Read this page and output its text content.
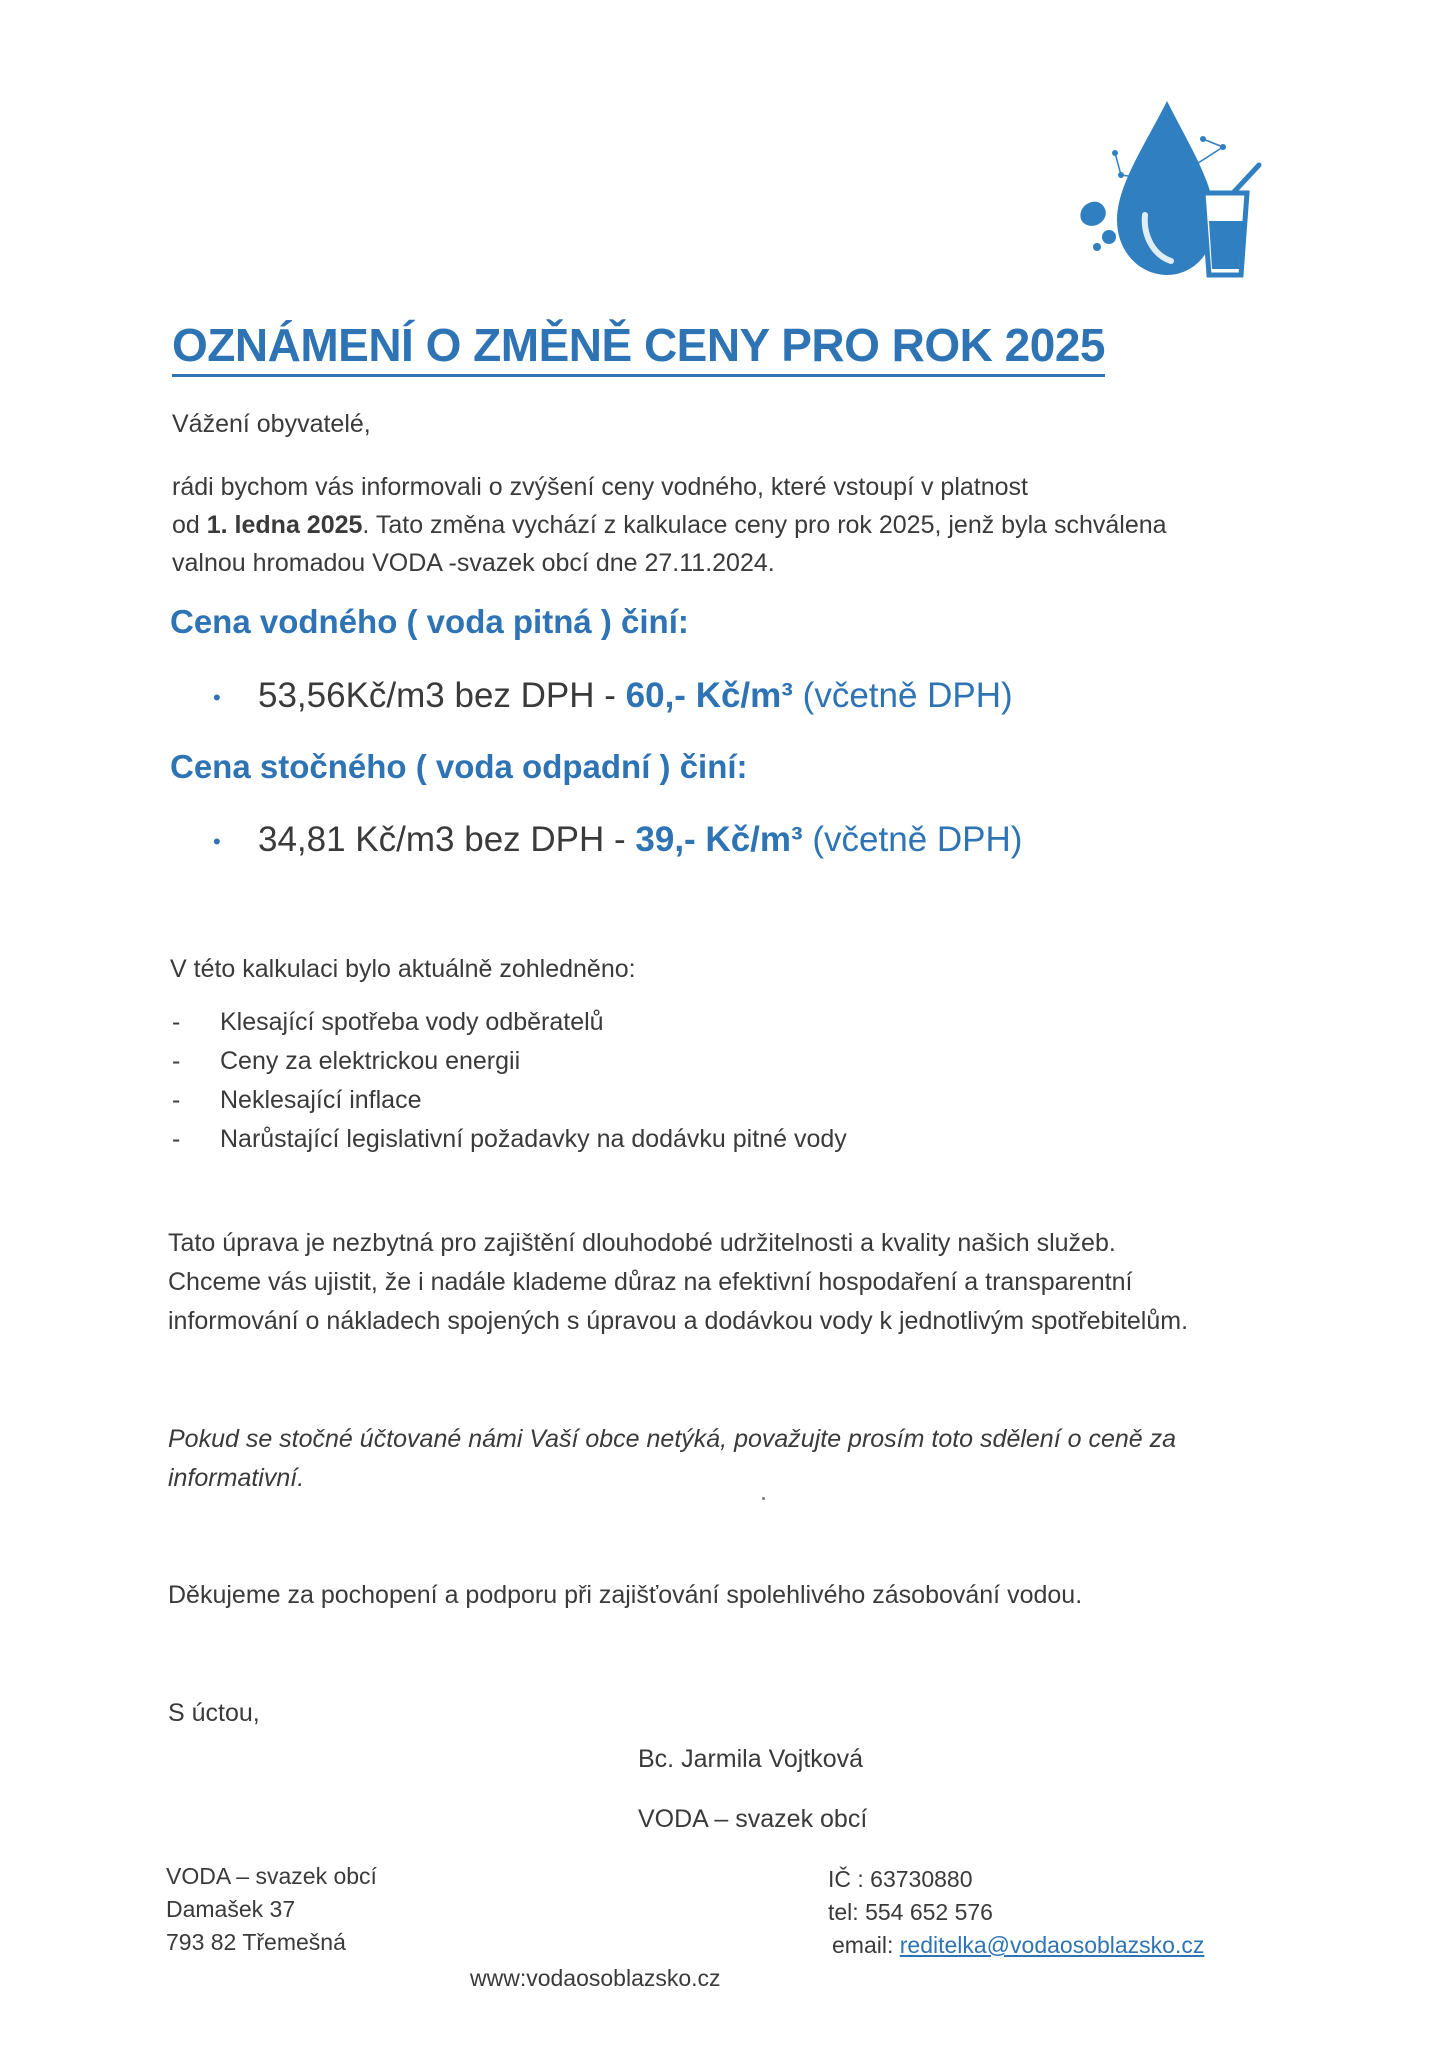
OZNÁMENÍ O ZMĚNĚ CENY PRO ROK 2025
Vážení obyvatelé,
rádi bychom vás informovali o zvýšení ceny vodného, které vstoupí v platnost
od 1. ledna 2025. Tato změna vychází z kalkulace ceny pro rok 2025, jenž byla schválena
valnou hromadou VODA -svazek obcí dne 27.11.2024.
Cena vodného ( voda pitná ) činí:
• 53,56Kč/m3 bez DPH - 60,- Kč/m³ (včetně DPH)
Cena stočného ( voda odpadní ) činí:
• 34,81 Kč/m3 bez DPH - 39,- Kč/m³ (včetně DPH)
V této kalkulaci bylo aktuálně zohledněno:
- Klesající spotřeba vody odběratelů
- Ceny za elektrickou energii
- Neklesající inflace
- Narůstající legislativní požadavky na dodávku pitné vody
Tato úprava je nezbytná pro zajištění dlouhodobé udržitelnosti a kvality našich služeb.
Chceme vás ujistit, že i nadále klademe důraz na efektivní hospodaření a transparentní
informování o nákladech spojených s úpravou a dodávkou vody k jednotlivým spotřebitelům.
Pokud se stočné účtované námi Vaší obce netýká, považujte prosím toto sdělení o ceně za
informativní.
Děkujeme za pochopení a podporu při zajišťování spolehlivého zásobování vodou.
S úctou,
Bc. Jarmila Vojtková
VODA – svazek obcí
VODA – svazek obcí
Damašek 37
793 82 Třemešná
IČ : 63730880
tel: 554 652 576
email: reditelka@vodaosoblazsko.cz
www:vodaosoblazsko.cz
